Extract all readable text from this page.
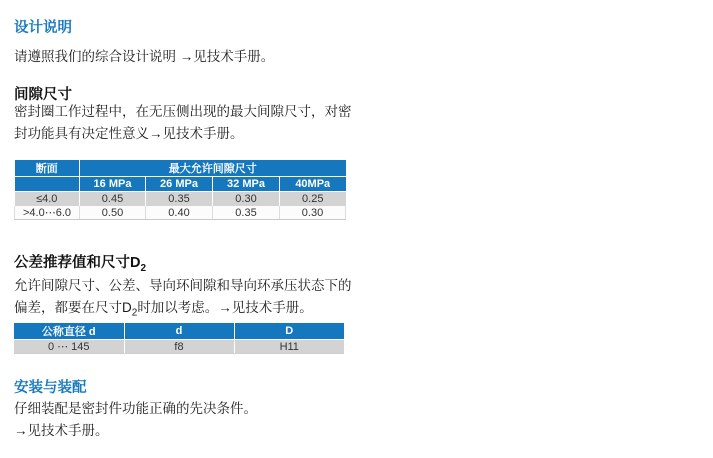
设计说明
请遵照我们的综合设计说明 →见技术手册。
间隙尺寸
密封圈工作过程中，在无压侧出现的最大间隙尺寸，对密
封功能具有决定性意义→见技术手册。
断面	最大允许间隙尺寸			
	16 MPa	26 MPa	32 MPa	40MPa
≤4.0	0.45	0.35	0.30	0.25
>4.0⋯6.0	0.50	0.40	0.35	0.30
公差推荐值和尺寸$D_2$
允许间隙尺寸、公差、导向环间隙和导向环承压状态下的
偏差，都要在尺寸$D_2$时加以考虑。→见技术手册。
公称直径 d	d	D
0 ⋯ 145	f8	H11
安装与装配
仔细装配是密封件功能正确的先决条件。
→见技术手册。
